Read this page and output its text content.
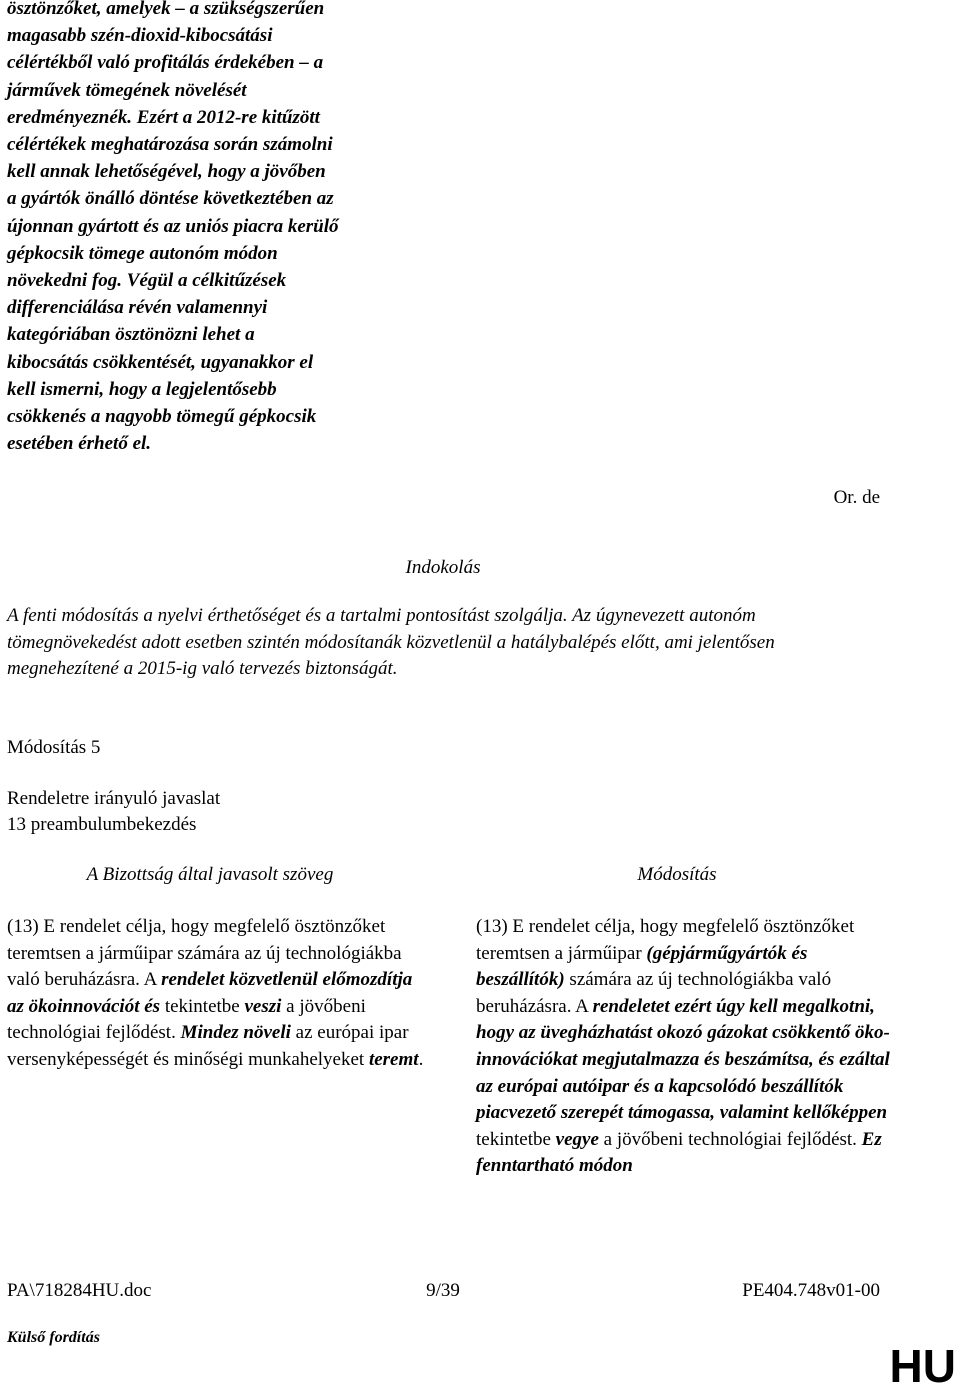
ösztönzőket, amelyek – a szükségszerűen
magasabb szén-dioxid-kibocsátási
célértékből való profitálás érdekében – a
járművek tömegének növelését
eredményeznék. Ezért a 2012-re kitűzött
célértékek meghatározása során számolni
kell annak lehetőségével, hogy a jövőben
a gyártók önálló döntése következtében az
újonnan gyártott és az uniós piacra kerülő
gépkocsik tömege autonóm módon
növekedni fog. Végül a célkitűzések
differenciálása révén valamennyi
kategóriában ösztönözni lehet a
kibocsátás csökkentését, ugyanakkor el
kell ismerni, hogy a legjelentősebb
csökkenés a nagyobb tömegű gépkocsik
esetében érhető el.

Or. de
Indokolás

A fenti módosítás a nyelvi érthetőséget és a tartalmi pontosítást szolgálja. Az úgynevezett autonóm tömegnövekedést adott esetben szintén módosítanák közvetlenül a hatálybalépés előtt, ami jelentősen megnehezítené a 2015-ig való tervezés biztonságát.

Módosítás 5
Rendeletre irányuló javaslat
13 preambulumbekezdés
A Bizottság által javasolt szöveg	Módosítás

(13) E rendelet célja, hogy megfelelő ösztönzőket teremtsen a járműipar számára az új technológiákba való beruházásra. A rendelet közvetlenül előmozdítja az ökoinnovációt és tekintetbe veszi a jövőbeni technológiai fejlődést. Mindez növeli az európai ipar versenyképességét és minőségi munkahelyeket teremt.

(13) E rendelet célja, hogy megfelelő ösztönzőket teremtsen a járműipar (gépjárműgyártók és beszállítók) számára az új technológiákba való beruházásra. A rendeletet ezért úgy kell megalkotni, hogy az üvegházhatást okozó gázokat csökkentő öko-innovációkat megjutalmazza és beszámítsa, és ezáltal az európai autóipar és a kapcsolódó beszállítók piacvezető szerepét támogassa, valamint kellőképpen tekintetbe vegye a jövőbeni technológiai fejlődést. Ez fenntartható módon

PA\718284HU.doc	9/39	PE404.748v01-00
Külső fordítás
HU
